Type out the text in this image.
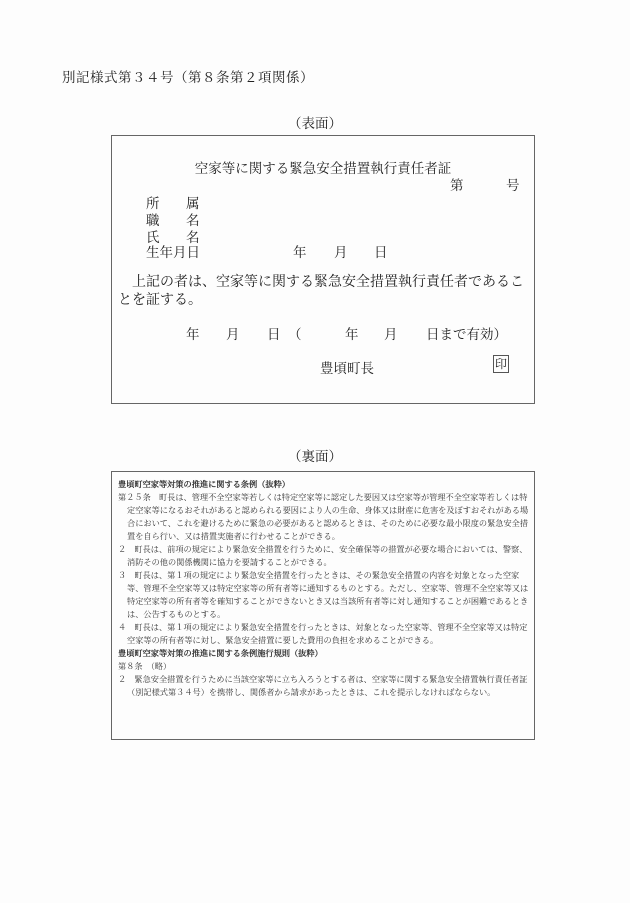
別記様式第３４号（第８条第２項関係）
（表面）
空家等に関する緊急安全措置執行責任者証
第	号
所 属
職 名
氏 名
生年月日	年 月 日
上記の者は、空家等に関する緊急安全措置執行責任者であることを証する。
年 月 日 （	年 月 日まで有効）
豊頃町長	印
（裏面）
豊頃町空家等対策の推進に関する条例（抜粋）
第２５条　町長は、管理不全空家等若しくは特定空家等に認定した要因又は空家等が管理不全空家等若しくは特定空家等になるおそれがあると認められる要因により人の生命、身体又は財産に危害を及ぼすおそれがある場合において、これを避けるために緊急の必要があると認めるときは、そのために必要な最小限度の緊急安全措置を自ら行い、又は措置実施者に行わせることができる。
２　町長は、前項の規定により緊急安全措置を行うために、安全確保等の措置が必要な場合においては、警察、消防その他の関係機関に協力を要請することができる。
３　町長は、第１項の規定により緊急安全措置を行ったときは、その緊急安全措置の内容を対象となった空家等、管理不全空家等又は特定空家等の所有者等に通知するものとする。ただし、空家等、管理不全空家等又は特定空家等の所有者等を確知することができないとき又は当該所有者等に対し通知することが困難であるときは、公告するものとする。
４　町長は、第１項の規定により緊急安全措置を行ったときは、対象となった空家等、管理不全空家等又は特定空家等の所有者等に対し、緊急安全措置に要した費用の負担を求めることができる。
豊頃町空家等対策の推進に関する条例施行規則（抜粋）
第８条　（略）
２　緊急安全措置を行うために当該空家等に立ち入ろうとする者は、空家等に関する緊急安全措置執行責任者証（別記様式第３４号）を携帯し、関係者から請求があったときは、これを提示しなければならない。
